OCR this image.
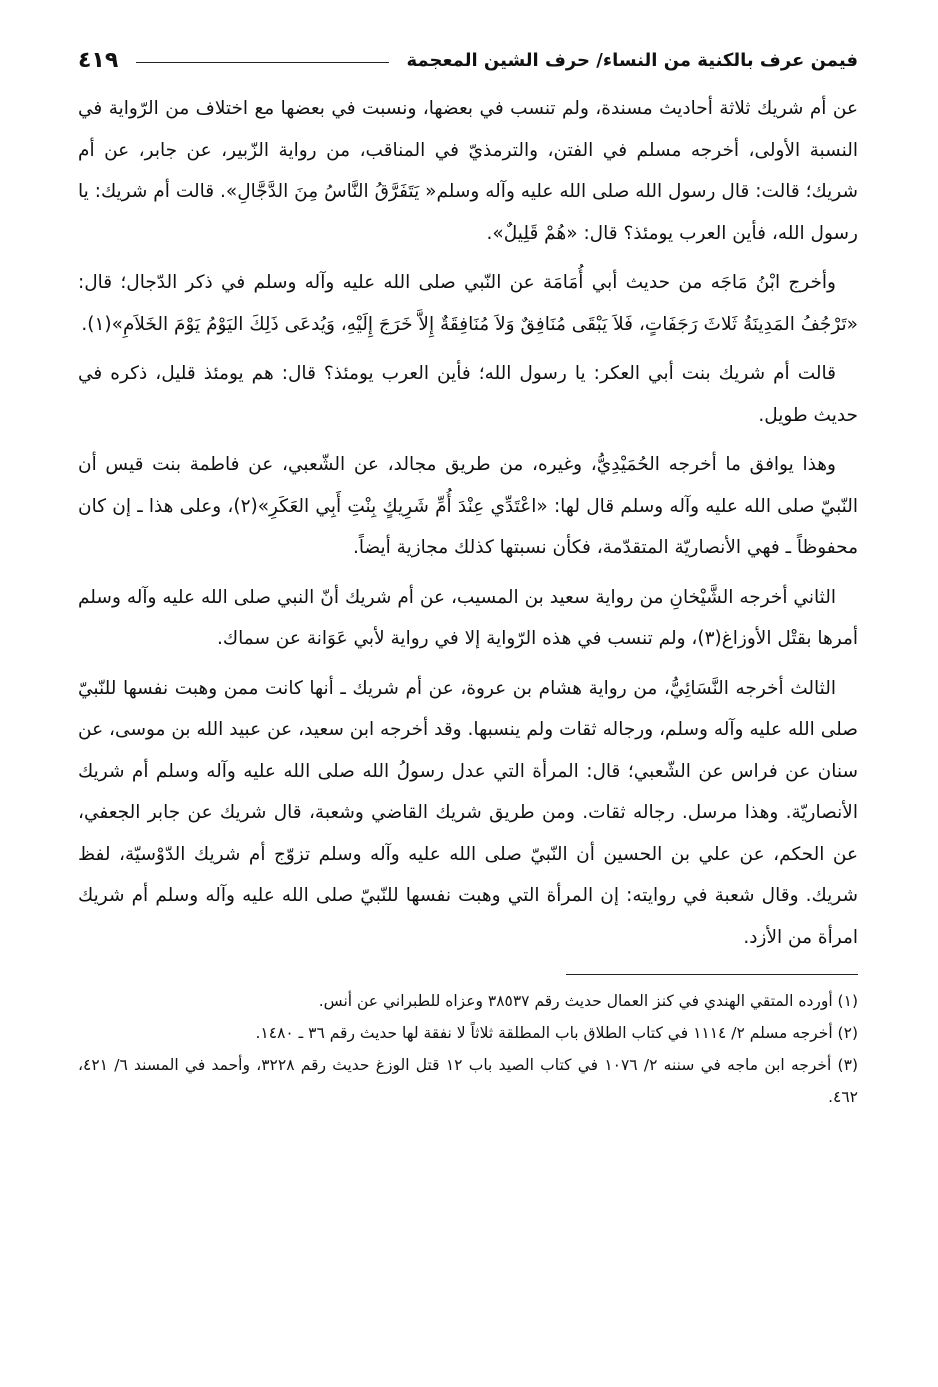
فيمن عرف بالكنية من النساء/ حرف الشين المعجمة
٤١٩

عن أم شريك ثلاثة أحاديث مسندة، ولم تنسب في بعضها، ونسبت في بعضها مع اختلاف من الرّواية في النسبة الأولى، أخرجه مسلم في الفتن، والترمذيّ في المناقب، من رواية الزّبير، عن جابر، عن أم شريك؛ قالت: قال رسول الله صلى الله عليه وآله وسلم« يَتَفَرَّقُ النَّاسُ مِنَ الدَّجَّالِ». قالت أم شريك: يا رسول الله، فأين العرب يومئذ؟ قال: «هُمْ قَلِيلٌ».

وأخرج ابْنُ مَاجَه من حديث أبي أُمَامَة عن النّبي صلى الله عليه وآله وسلم في ذكر الدّجال؛ قال: «تَرْجُفُ المَدِينَةُ ثَلاثَ رَجَفَاتٍ، فَلاَ يَبْقَى مُنَافِقٌ وَلاَ مُنَافِقَةٌ إِلاَّ خَرَجَ إِلَيْهِ، وَيُدعَى ذَلِكَ اليَوْمُ يَوْمَ الخَلاَمِ»(١).

قالت أم شريك بنت أبي العكر: يا رسول الله؛ فأين العرب يومئذ؟ قال: هم يومئذ قليل، ذكره في حديث طويل.

وهذا يوافق ما أخرجه الحُمَيْدِيُّ، وغيره، من طريق مجالد، عن الشّعبي، عن فاطمة بنت قيس أن النّبيّ صلى الله عليه وآله وسلم قال لها: «اعْتَدِّي عِنْدَ أُمِّ شَرِيكٍ بِنْتِ أَبِي العَكَرِ»(٢)، وعلى هذا ـ إن كان محفوظاً ـ فهي الأنصاريّة المتقدّمة، فكأن نسبتها كذلك مجازية أيضاً.

الثاني أخرجه الشَّيْخانِ من رواية سعيد بن المسيب، عن أم شريك أنّ النبي صلى الله عليه وآله وسلم أمرها بقتْل الأوزاغ(٣)، ولم تنسب في هذه الرّواية إلا في رواية لأبي عَوَانة عن سماك.

الثالث أخرجه النَّسَائِيُّ، من رواية هشام بن عروة، عن أم شريك ـ أنها كانت ممن وهبت نفسها للنّبيّ صلى الله عليه وآله وسلم، ورجاله ثقات ولم ينسبها. وقد أخرجه ابن سعيد، عن عبيد الله بن موسى، عن سنان عن فراس عن الشّعبي؛ قال: المرأة التي عدل رسولُ الله صلى الله عليه وآله وسلم أم شريك الأنصاريّة. وهذا مرسل. رجاله ثقات. ومن طريق شريك القاضي وشعبة، قال شريك عن جابر الجعفي، عن الحكم، عن علي بن الحسين أن النّبيّ صلى الله عليه وآله وسلم تزوّج أم شريك الدّوْسيّة، لفظ شريك. وقال شعبة في روايته: إن المرأة التي وهبت نفسها للنّبيّ صلى الله عليه وآله وسلم أم شريك امرأة من الأزد.

(١) أورده المتقي الهندي في كنز العمال حديث رقم ٣٨٥٣٧ وعزاه للطبراني عن أنس.

(٢) أخرجه مسلم ٢/ ١١١٤ في كتاب الطلاق باب المطلقة ثلاثاً لا نفقة لها حديث رقم ٣٦ ـ ١٤٨٠.

(٣) أخرجه ابن ماجه في سننه ٢/ ١٠٧٦ في كتاب الصيد باب ١٢ قتل الوزغ حديث رقم ٣٢٢٨، وأحمد في المسند ٦/ ٤٢١، ٤٦٢.
